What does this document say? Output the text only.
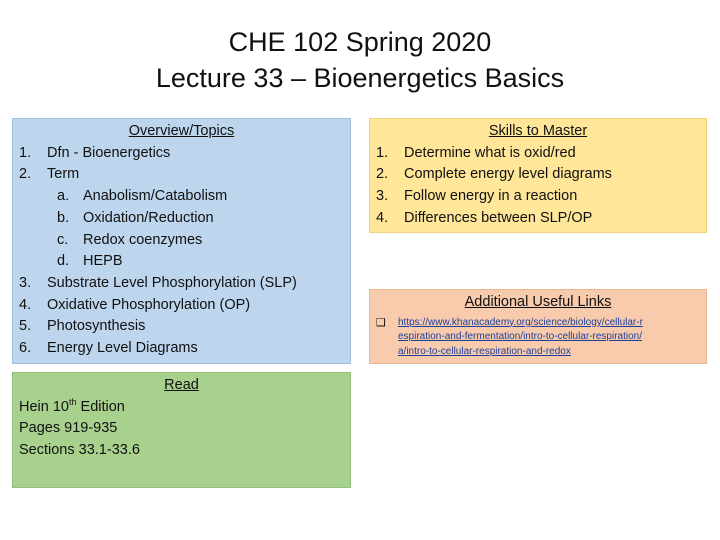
CHE 102 Spring 2020
Lecture 33 – Bioenergetics Basics
Overview/Topics
1.	Dfn - Bioenergetics
2.	Term
a. Anabolism/Catabolism
b. Oxidation/Reduction
c.	Redox coenzymes
d. HEPB
3.	Substrate Level Phosphorylation (SLP)
4.	Oxidative Phosphorylation (OP)
5.	Photosynthesis
6.	Energy Level Diagrams
Skills to Master
1.	Determine what is oxid/red
2.	Complete energy level diagrams
3.	Follow energy in a reaction
4.	Differences between SLP/OP
Additional Useful Links
❑	https://www.khanacademy.org/science/biology/cellular-respiration-and-fermentation/intro-to-cellular-respiration/a/intro-to-cellular-respiration-and-redox
Read
Hein 10th Edition
Pages 919-935
Sections 33.1-33.6
